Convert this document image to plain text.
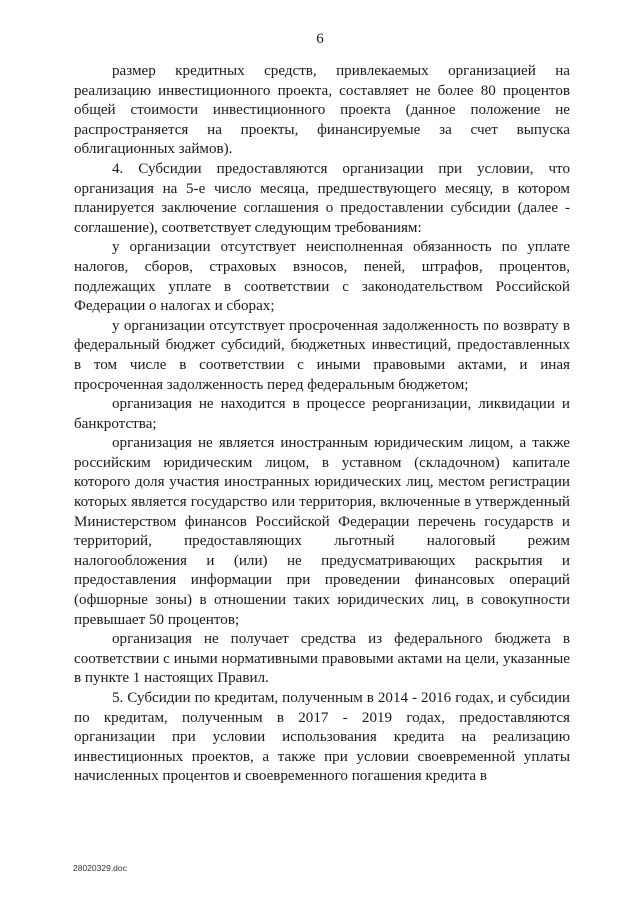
6

размер кредитных средств, привлекаемых организацией на реализацию инвестиционного проекта, составляет не более 80 процентов общей стоимости инвестиционного проекта (данное положение не распространяется на проекты, финансируемые за счет выпуска облигационных займов).

4. Субсидии предоставляются организации при условии, что организация на 5-е число месяца, предшествующего месяцу, в котором планируется заключение соглашения о предоставлении субсидии (далее - соглашение), соответствует следующим требованиям:

у организации отсутствует неисполненная обязанность по уплате налогов, сборов, страховых взносов, пеней, штрафов, процентов, подлежащих уплате в соответствии с законодательством Российской Федерации о налогах и сборах;

у организации отсутствует просроченная задолженность по возврату в федеральный бюджет субсидий, бюджетных инвестиций, предоставленных в том числе в соответствии с иными правовыми актами, и иная просроченная задолженность перед федеральным бюджетом;

организация не находится в процессе реорганизации, ликвидации и банкротства;

организация не является иностранным юридическим лицом, а также российским юридическим лицом, в уставном (складочном) капитале которого доля участия иностранных юридических лиц, местом регистрации которых является государство или территория, включенные в утвержденный Министерством финансов Российской Федерации перечень государств и территорий, предоставляющих льготный налоговый режим налогообложения и (или) не предусматривающих раскрытия и предоставления информации при проведении финансовых операций (офшорные зоны) в отношении таких юридических лиц, в совокупности превышает 50 процентов;

организация не получает средства из федерального бюджета в соответствии с иными нормативными правовыми актами на цели, указанные в пункте 1 настоящих Правил.

5. Субсидии по кредитам, полученным в 2014 - 2016 годах, и субсидии по кредитам, полученным в 2017 - 2019 годах, предоставляются организации при условии использования кредита на реализацию инвестиционных проектов, а также при условии своевременной уплаты начисленных процентов и своевременного погашения кредита в

28020329.doc
